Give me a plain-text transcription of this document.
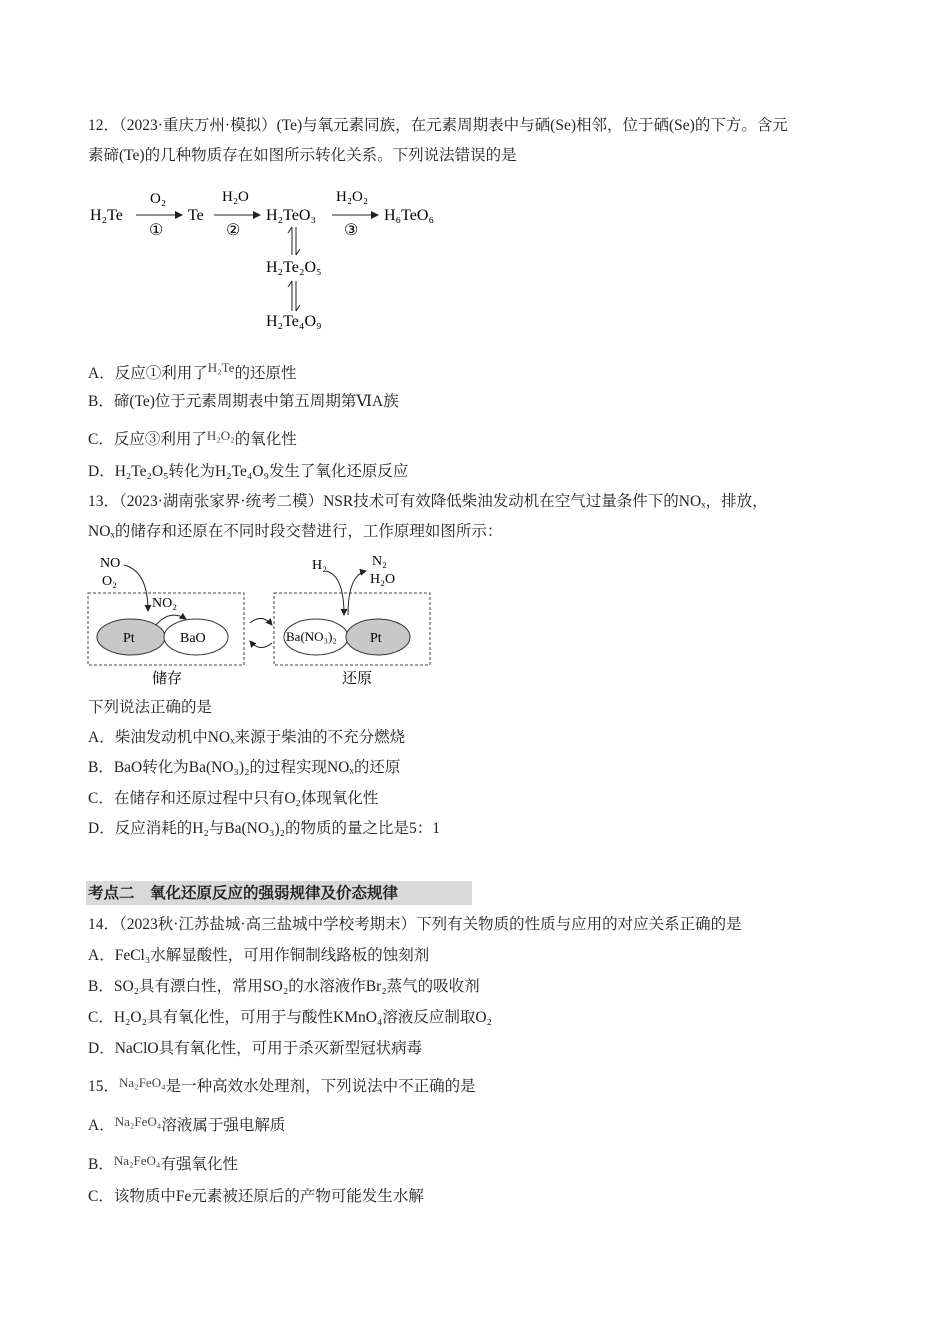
12．（2023·重庆万州·模拟）(Te)与氧元素同族，在元素周期表中与硒(Se)相邻，位于硒(Se)的下方。含元
素碲(Te)的几种物质存在如图所示转化关系。下列说法错误的是
H₂Te
O₂
①
Te
H₂O
②
H₂TeO₃
H₂O₂
③
H₆TeO₆
H₂Te₂O₅
H₂Te₄O₉
A．反应①利用了$^{H_2Te}$的还原性
B．碲(Te)位于元素周期表中第五周期第ⅥA族
C．反应③利用了$^{H_2O_2}$的氧化性
D．H₂Te₂O₅转化为H₂Te₄O₉发生了氧化还原反应
13．（2023·湖南张家界·统考二模）NSR技术可有效降低柴油发动机在空气过量条件下的NOₓ，排放，
NOₓ的储存和还原在不同时段交替进行，工作原理如图所示：
NO
O₂
NO₂
Pt	BaO
储存
H₂	N₂
H₂O
Ba(NO₃)₂ Pt
还原
下列说法正确的是
A．柴油发动机中NOₓ来源于柴油的不充分燃烧
B．BaO转化为Ba(NO₃)₂的过程实现NOₓ的还原
C．在储存和还原过程中只有O₂体现氧化性
D．反应消耗的H₂与Ba(NO₃)₂的物质的量之比是5：1
考点二　氧化还原反应的强弱规律及价态规律
14．（2023秋·江苏盐城·高三盐城中学校考期末）下列有关物质的性质与应用的对应关系正确的是
A．FeCl₃水解显酸性，可用作铜制线路板的蚀刻剂
B．SO₂具有漂白性，常用SO₂的水溶液作Br₂蒸气的吸收剂
C．H₂O₂具有氧化性，可用于与酸性KMnO₄溶液反应制取O₂
D．NaClO具有氧化性，可用于杀灭新型冠状病毒
15．$^{Na_2FeO_4}$是一种高效水处理剂，下列说法中不正确的是
A．$^{Na_2FeO_4}$溶液属于强电解质
B．$^{Na_2FeO_4}$有强氧化性
C．该物质中Fe元素被还原后的产物可能发生水解
